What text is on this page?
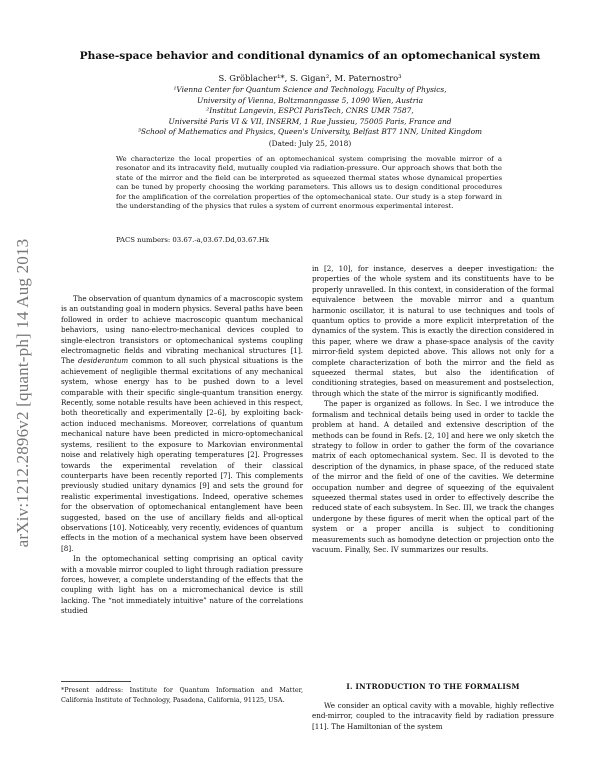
arXiv:1212.2896v2 [quant-ph] 14 Aug 2013
Phase-space behavior and conditional dynamics of an optomechanical system
S. Gröblacher¹*, S. Gigan², M. Paternostro³
¹Vienna Center for Quantum Science and Technology, Faculty of Physics,
University of Vienna, Boltzmanngasse 5, 1090 Wien, Austria
²Institut Langevin, ESPCI ParisTech, CNRS UMR 7587,
Université Paris VI & VII, INSERM, 1 Rue Jussieu, 75005 Paris, France and
³School of Mathematics and Physics, Queen's University, Belfast BT7 1NN, United Kingdom
(Dated: July 25, 2018)
We characterize the local properties of an optomechanical system comprising the movable mirror of a resonator and its intracavity field, mutually coupled via radiation-pressure. Our approach shows that both the state of the mirror and the field can be interpreted as squeezed thermal states whose dynamical properties can be tuned by properly choosing the working parameters. This allows us to design conditional procedures for the amplification of the correlation properties of the optomechanical state. Our study is a step forward in the understanding of the physics that rules a system of current enormous experimental interest.
PACS numbers: 03.67.-a,03.67.Dd,03.67.Hk

The observation of quantum dynamics of a macroscopic system is an outstanding goal in modern physics. Several paths have been followed in order to achieve macroscopic quantum mechanical behaviors, using nano-electro-mechanical devices coupled to single-electron transistors or optomechanical systems coupling electromagnetic fields and vibrating mechanical structures [1]. The desiderantum common to all such physical situations is the achievement of negligible thermal excitations of any mechanical system, whose energy has to be pushed down to a level comparable with their specific single-quantum transition energy. Recently, some notable results have been achieved in this respect, both theoretically and experimentally [2–6], by exploiting back-action induced mechanisms. Moreover, correlations of quantum mechanical nature have been predicted in micro-optomechanical systems, resilient to the exposure to Markovian environmental noise and relatively high operating temperatures [2]. Progresses towards the experimental revelation of their classical counterparts have been recently reported [7]. This complements previously studied unitary dynamics [9] and sets the ground for realistic experimental investigations. Indeed, operative schemes for the observation of optomechanical entanglement have been suggested, based on the use of ancillary fields and all-optical observations [10]. Noticeably, very recently, evidences of quantum effects in the motion of a mechanical system have been observed [8].

In the optomechanical setting comprising an optical cavity with a movable mirror coupled to light through radiation pressure forces, however, a complete understanding of the effects that the coupling with light has on a micromechanical device is still lacking. The “not immediately intuitive” nature of the correlations studied

in [2, 10], for instance, deserves a deeper investigation: the properties of the whole system and its constituents have to be properly unravelled. In this context, in consideration of the formal equivalence between the movable mirror and a quantum harmonic oscillator, it is natural to use techniques and tools of quantum optics to provide a more explicit interpretation of the dynamics of the system. This is exactly the direction considered in this paper, where we draw a phase-space analysis of the cavity mirror-field system depicted above. This allows not only for a complete characterization of both the mirror and the field as squeezed thermal states, but also the identification of conditioning strategies, based on measurement and postselection, through which the state of the mirror is significantly modified.

The paper is organized as follows. In Sec. I we introduce the formalism and technical details being used in order to tackle the problem at hand. A detailed and extensive description of the methods can be found in Refs. [2, 10] and here we only sketch the strategy to follow in order to gather the form of the covariance matrix of each optomechanical system. Sec. II is devoted to the description of the dynamics, in phase space, of the reduced state of the mirror and the field of one of the cavities. We determine occupation number and degree of squeezing of the equivalent squeezed thermal states used in order to effectively describe the reduced state of each subsystem. In Sec. III, we track the changes undergone by these figures of merit when the optical part of the system or a proper ancilla is subject to conditioning measurements such as homodyne detection or projection onto the vacuum. Finally, Sec. IV summarizes our results.

I. INTRODUCTION TO THE FORMALISM

We consider an optical cavity with a movable, highly reflective end-mirror, coupled to the intracavity field by radiation pressure [11]. The Hamiltonian of the system

*Present address: Institute for Quantum Information and Matter, California Institute of Technology, Pasadena, California, 91125, USA.
